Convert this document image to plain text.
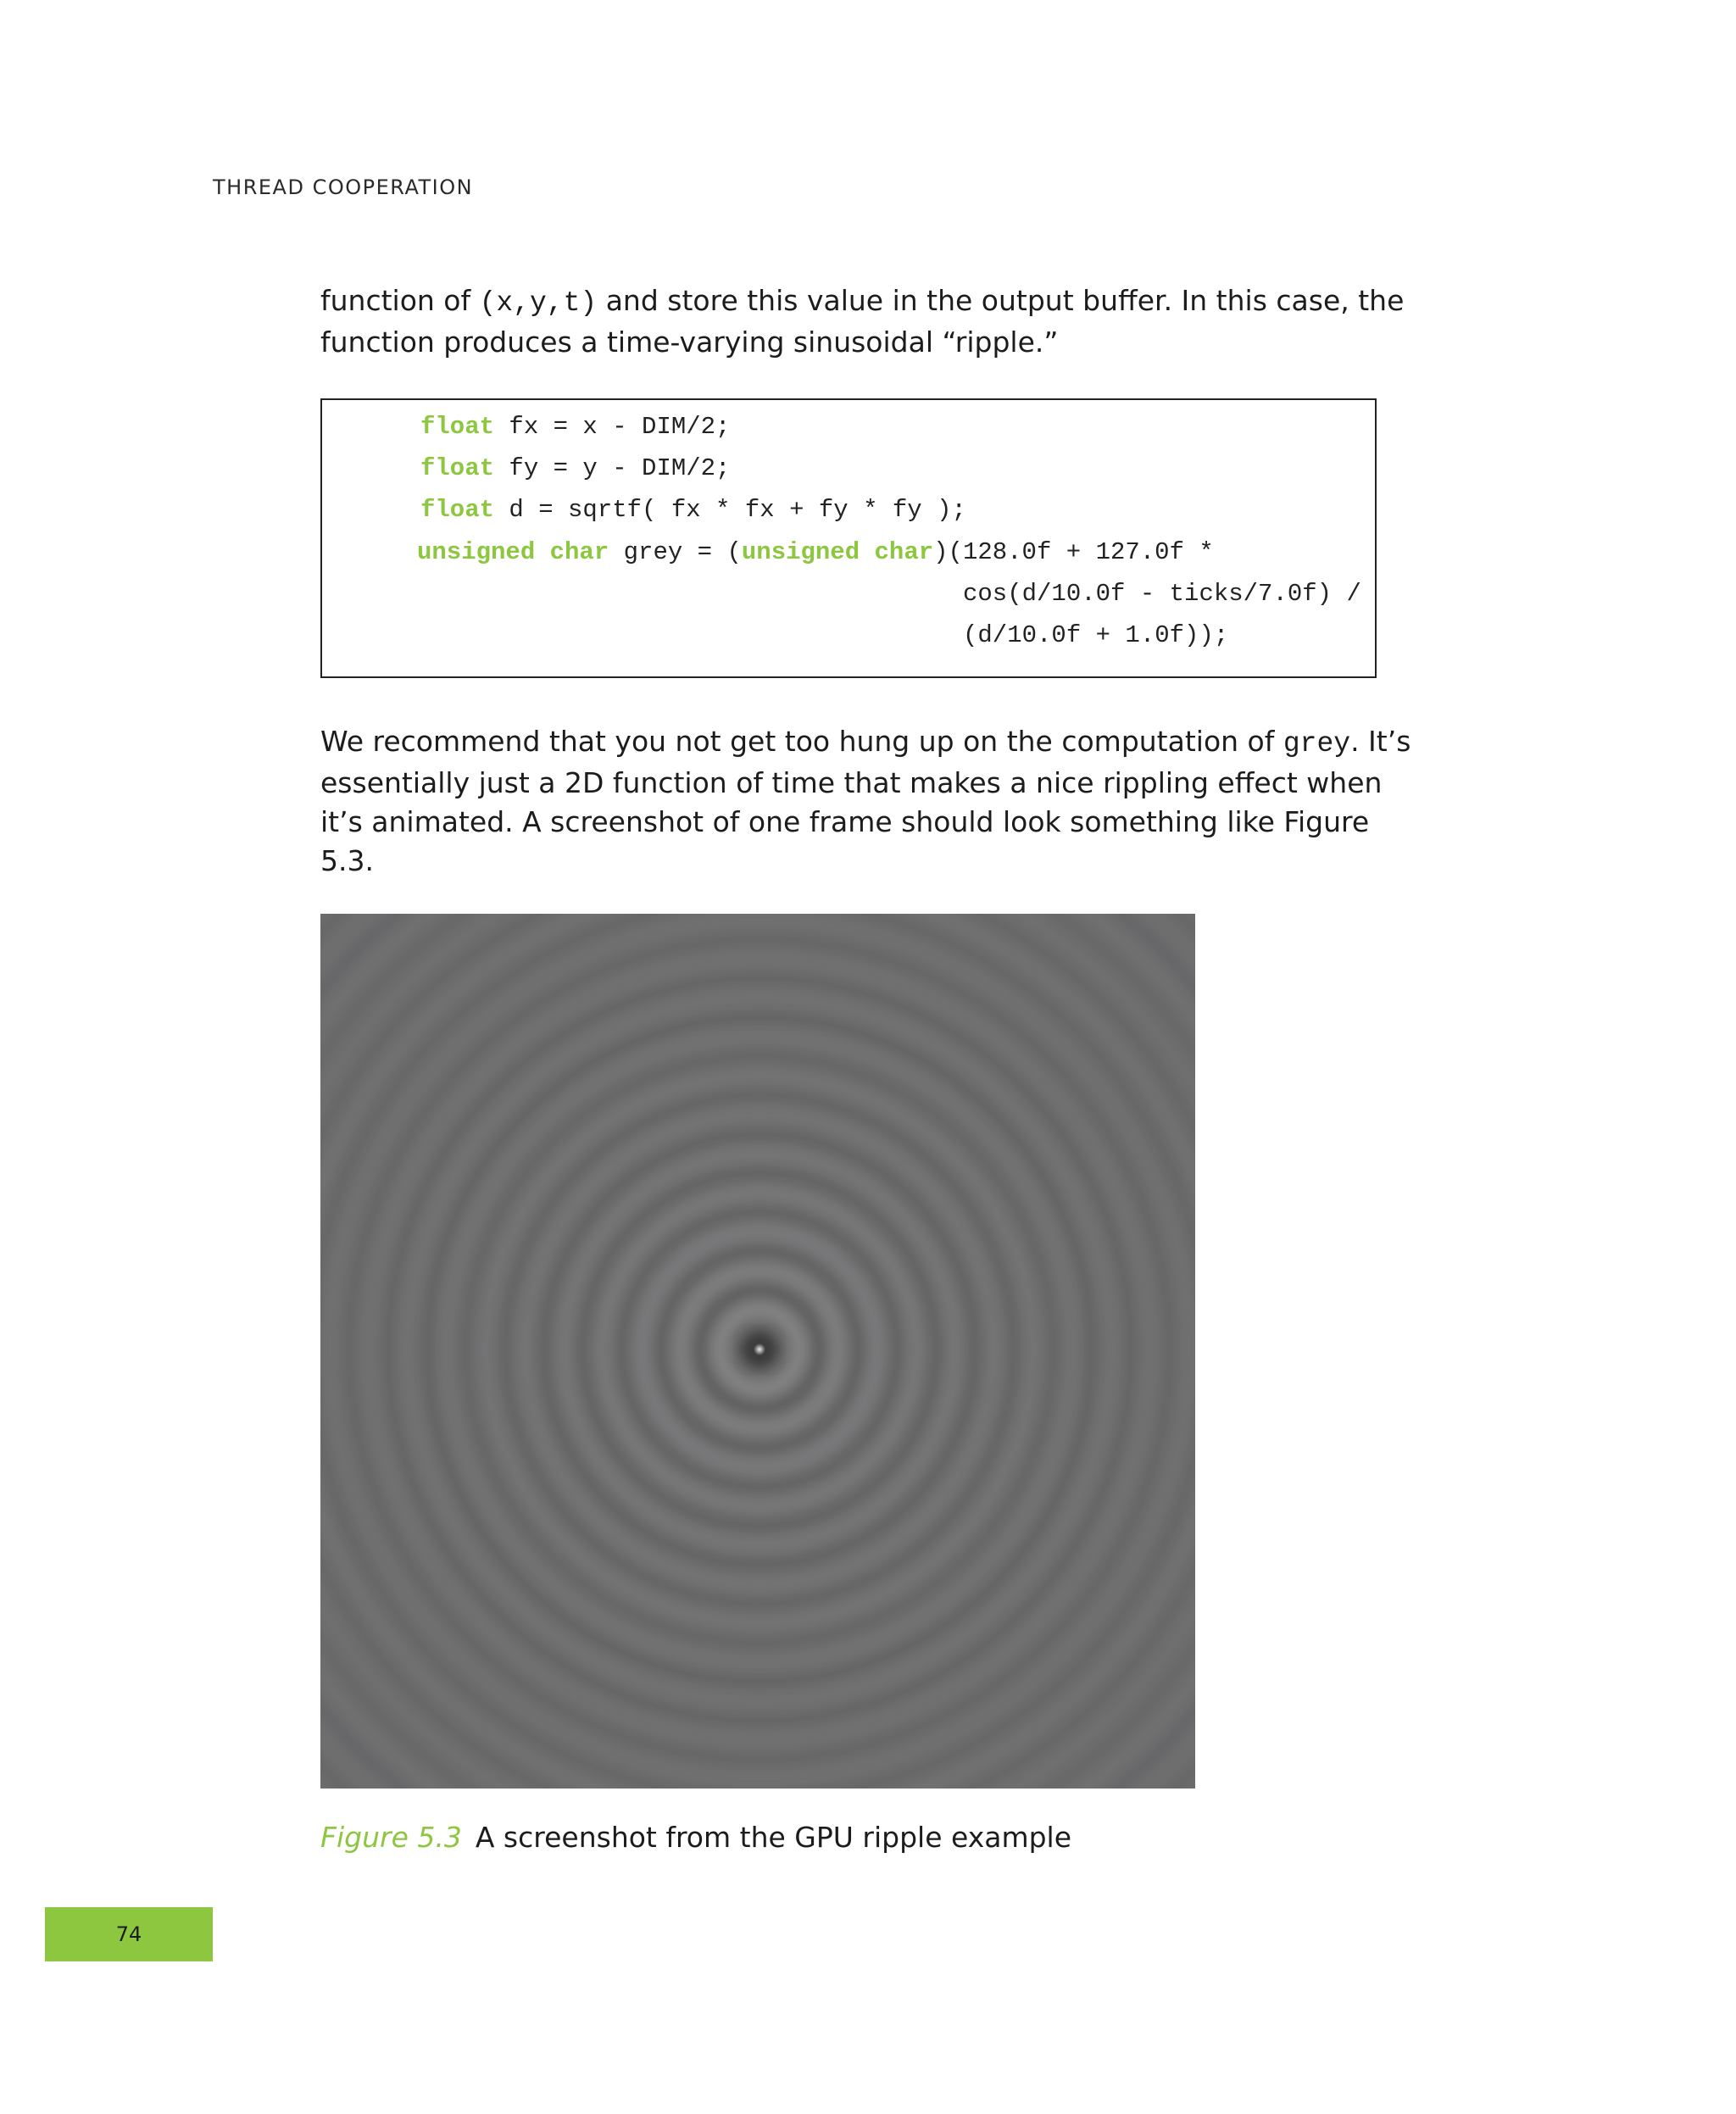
THREAD COOPERATION
function of (x,y,t) and store this value in the output buffer. In this case, the function produces a time-varying sinusoidal “ripple.”
float fx = x - DIM/2;
float fy = y - DIM/2;
float d = sqrtf( fx * fx + fy * fy );
unsigned char grey = (unsigned char)(128.0f + 127.0f *
cos(d/10.0f - ticks/7.0f) /
(d/10.0f + 1.0f));
We recommend that you not get too hung up on the computation of grey. It’s essentially just a 2D function of time that makes a nice rippling effect when it’s animated. A screenshot of one frame should look something like Figure 5.3.
Figure 5.3 A screenshot from the GPU ripple example
74
